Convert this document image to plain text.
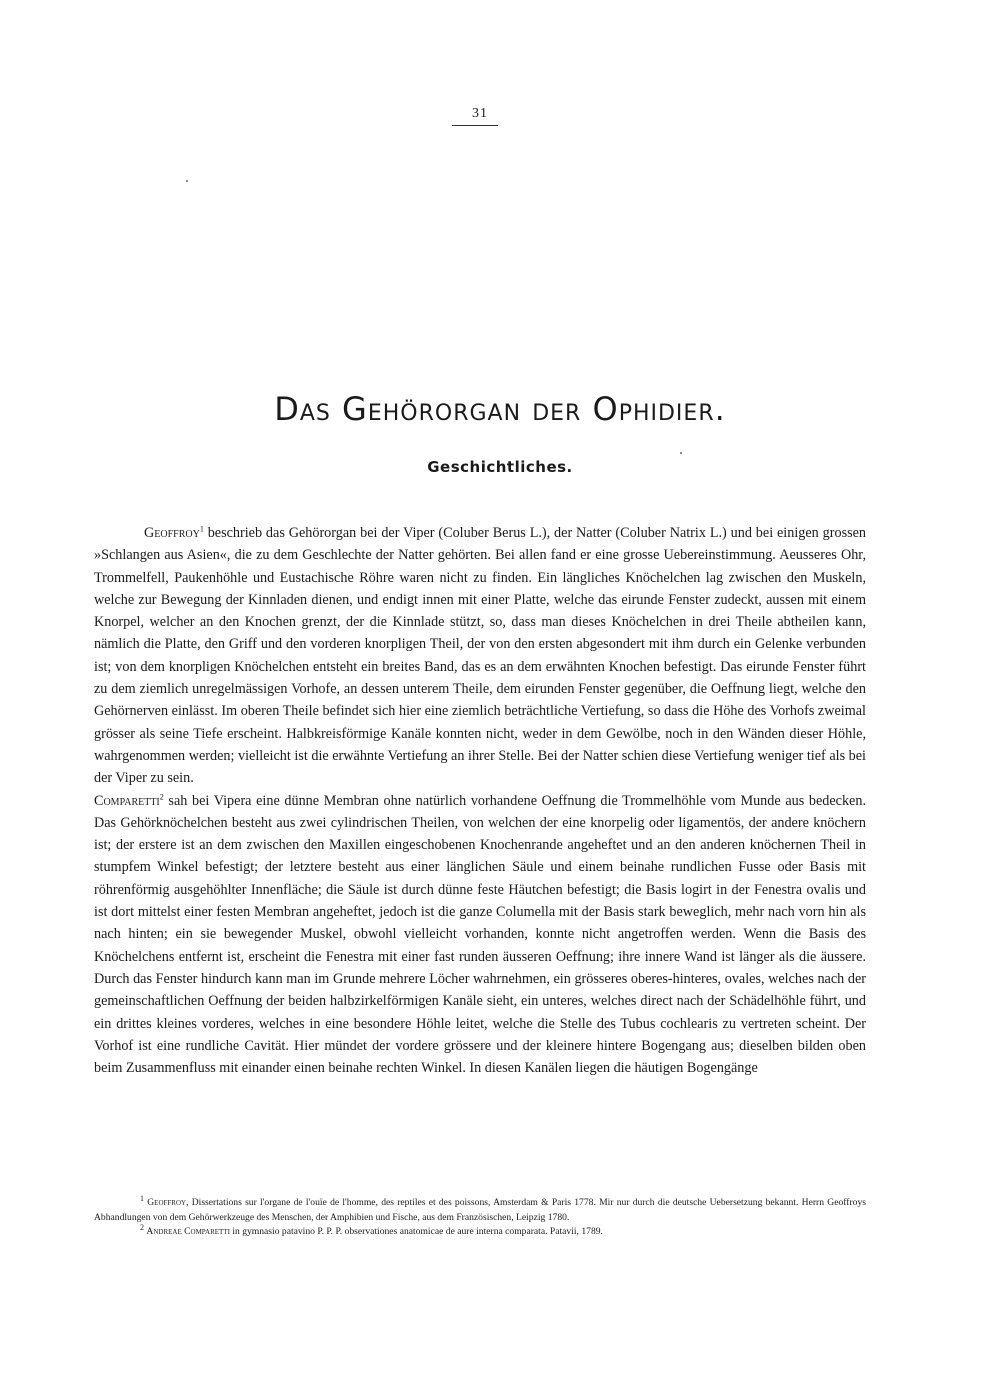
31
Das Gehörorgan der Ophidier.
Geschichtliches.

Geoffroy$^1$ beschrieb das Gehörorgan bei der Viper (Coluber Berus L.), der Natter (Coluber Natrix L.) und bei einigen grossen »Schlangen aus Asien«, die zu dem Geschlechte der Natter gehörten. Bei allen fand er eine grosse Uebereinstimmung. Aeusseres Ohr, Trommelfell, Paukenhöhle und Eustachische Röhre waren nicht zu finden. Ein längliches Knöchelchen lag zwischen den Muskeln, welche zur Bewegung der Kinnladen dienen, und endigt innen mit einer Platte, welche das eirunde Fenster zudeckt, aussen mit einem Knorpel, welcher an den Knochen grenzt, der die Kinnlade stützt, so, dass man dieses Knöchelchen in drei Theile abtheilen kann, nämlich die Platte, den Griff und den vorderen knorpligen Theil, der von den ersten abgesondert mit ihm durch ein Gelenke verbunden ist; von dem knorpligen Knöchelchen entsteht ein breites Band, das es an dem erwähnten Knochen befestigt. Das eirunde Fenster führt zu dem ziemlich unregelmässigen Vorhofe, an dessen unterem Theile, dem eirunden Fenster gegenüber, die Oeffnung liegt, welche den Gehörnerven einlässt. Im oberen Theile befindet sich hier eine ziemlich beträchtliche Vertiefung, so dass die Höhe des Vorhofs zweimal grösser als seine Tiefe erscheint. Halbkreisförmige Kanäle konnten nicht, weder in dem Gewölbe, noch in den Wänden dieser Höhle, wahrgenommen werden; vielleicht ist die erwähnte Vertiefung an ihrer Stelle. Bei der Natter schien diese Vertiefung weniger tief als bei der Viper zu sein.

Comparetti$^2$ sah bei Vipera eine dünne Membran ohne natürlich vorhandene Oeffnung die Trommelhöhle vom Munde aus bedecken. Das Gehörknöchelchen besteht aus zwei cylindrischen Theilen, von welchen der eine knorpelig oder ligamentös, der andere knöchern ist; der erstere ist an dem zwischen den Maxillen eingeschobenen Knochenrande angeheftet und an den anderen knöchernen Theil in stumpfem Winkel befestigt; der letztere besteht aus einer länglichen Säule und einem beinahe rundlichen Fusse oder Basis mit röhrenförmig ausgehöhlter Innenfläche; die Säule ist durch dünne feste Häutchen befestigt; die Basis logirt in der Fenestra ovalis und ist dort mittelst einer festen Membran angeheftet, jedoch ist die ganze Columella mit der Basis stark beweglich, mehr nach vorn hin als nach hinten; ein sie bewegender Muskel, obwohl vielleicht vorhanden, konnte nicht angetroffen werden. Wenn die Basis des Knöchelchens entfernt ist, erscheint die Fenestra mit einer fast runden äusseren Oeffnung; ihre innere Wand ist länger als die äussere. Durch das Fenster hindurch kann man im Grunde mehrere Löcher wahrnehmen, ein grösseres oberes-hinteres, ovales, welches nach der gemeinschaftlichen Oeffnung der beiden halbzirkelförmigen Kanäle sieht, ein unteres, welches direct nach der Schädelhöhle führt, und ein drittes kleines vorderes, welches in eine besondere Höhle leitet, welche die Stelle des Tubus cochlearis zu vertreten scheint. Der Vorhof ist eine rundliche Cavität. Hier mündet der vordere grössere und der kleinere hintere Bogengang aus; dieselben bilden oben beim Zusammenfluss mit einander einen beinahe rechten Winkel. In diesen Kanälen liegen die häutigen Bogengänge

$^1$ Geoffroy, Dissertations sur l'organe de l'ouïe de l'homme, des reptiles et des poissons, Amsterdam & Paris 1778. Mir nur durch die deutsche Uebersetzung bekannt. Herrn Geoffroys Abhandlungen von dem Gehörwerkzeuge des Menschen, der Amphibien und Fische, aus dem Französischen, Leipzig 1780.

$^2$ Andreae Comparetti in gymnasio patavino P. P. P. observationes anatomicae de aure interna comparata. Patavii, 1789.
